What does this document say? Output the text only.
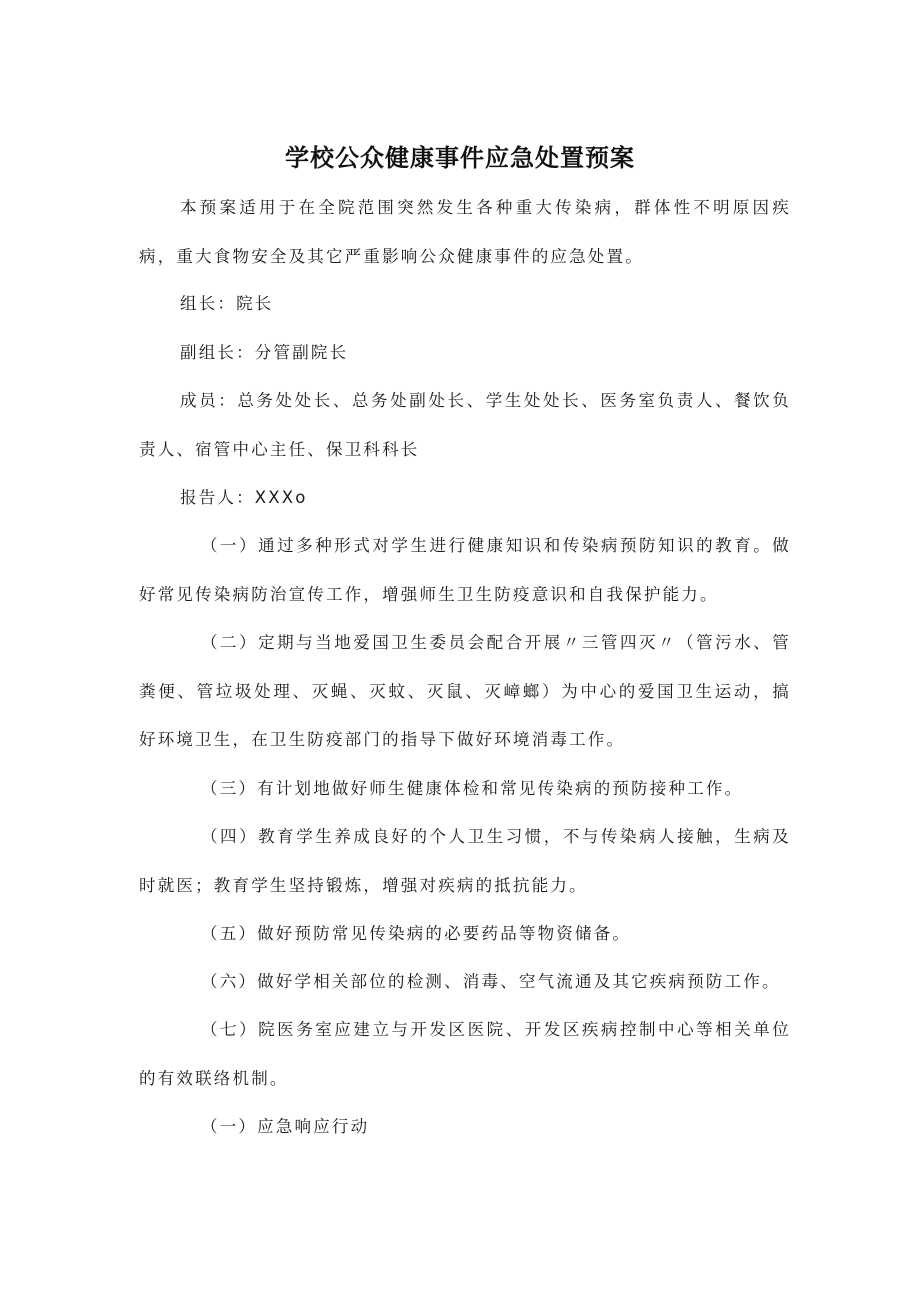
学校公众健康事件应急处置预案

本预案适用于在全院范围突然发生各种重大传染病，群体性不明原因疾病，重大食物安全及其它严重影响公众健康事件的应急处置。

组长：院长

副组长：分管副院长

成员：总务处处长、总务处副处长、学生处处长、医务室负责人、餐饮负责人、宿管中心主任、保卫科科长

报告人：XXXo

（一）通过多种形式对学生进行健康知识和传染病预防知识的教育。做好常见传染病防治宣传工作，增强师生卫生防疫意识和自我保护能力。

（二）定期与当地爱国卫生委员会配合开展〃三管四灭〃（管污水、管粪便、管垃圾处理、灭蝇、灭蚊、灭鼠、灭嶂螂）为中心的爱国卫生运动，搞好环境卫生，在卫生防疫部门的指导下做好环境消毒工作。

（三）有计划地做好师生健康体检和常见传染病的预防接种工作。

（四）教育学生养成良好的个人卫生习惯，不与传染病人接触，生病及时就医；教育学生坚持锻炼，增强对疾病的抵抗能力。

（五）做好预防常见传染病的必要药品等物资储备。

（六）做好学相关部位的检测、消毒、空气流通及其它疾病预防工作。

（七）院医务室应建立与开发区医院、开发区疾病控制中心等相关单位的有效联络机制。

（一）应急响应行动
